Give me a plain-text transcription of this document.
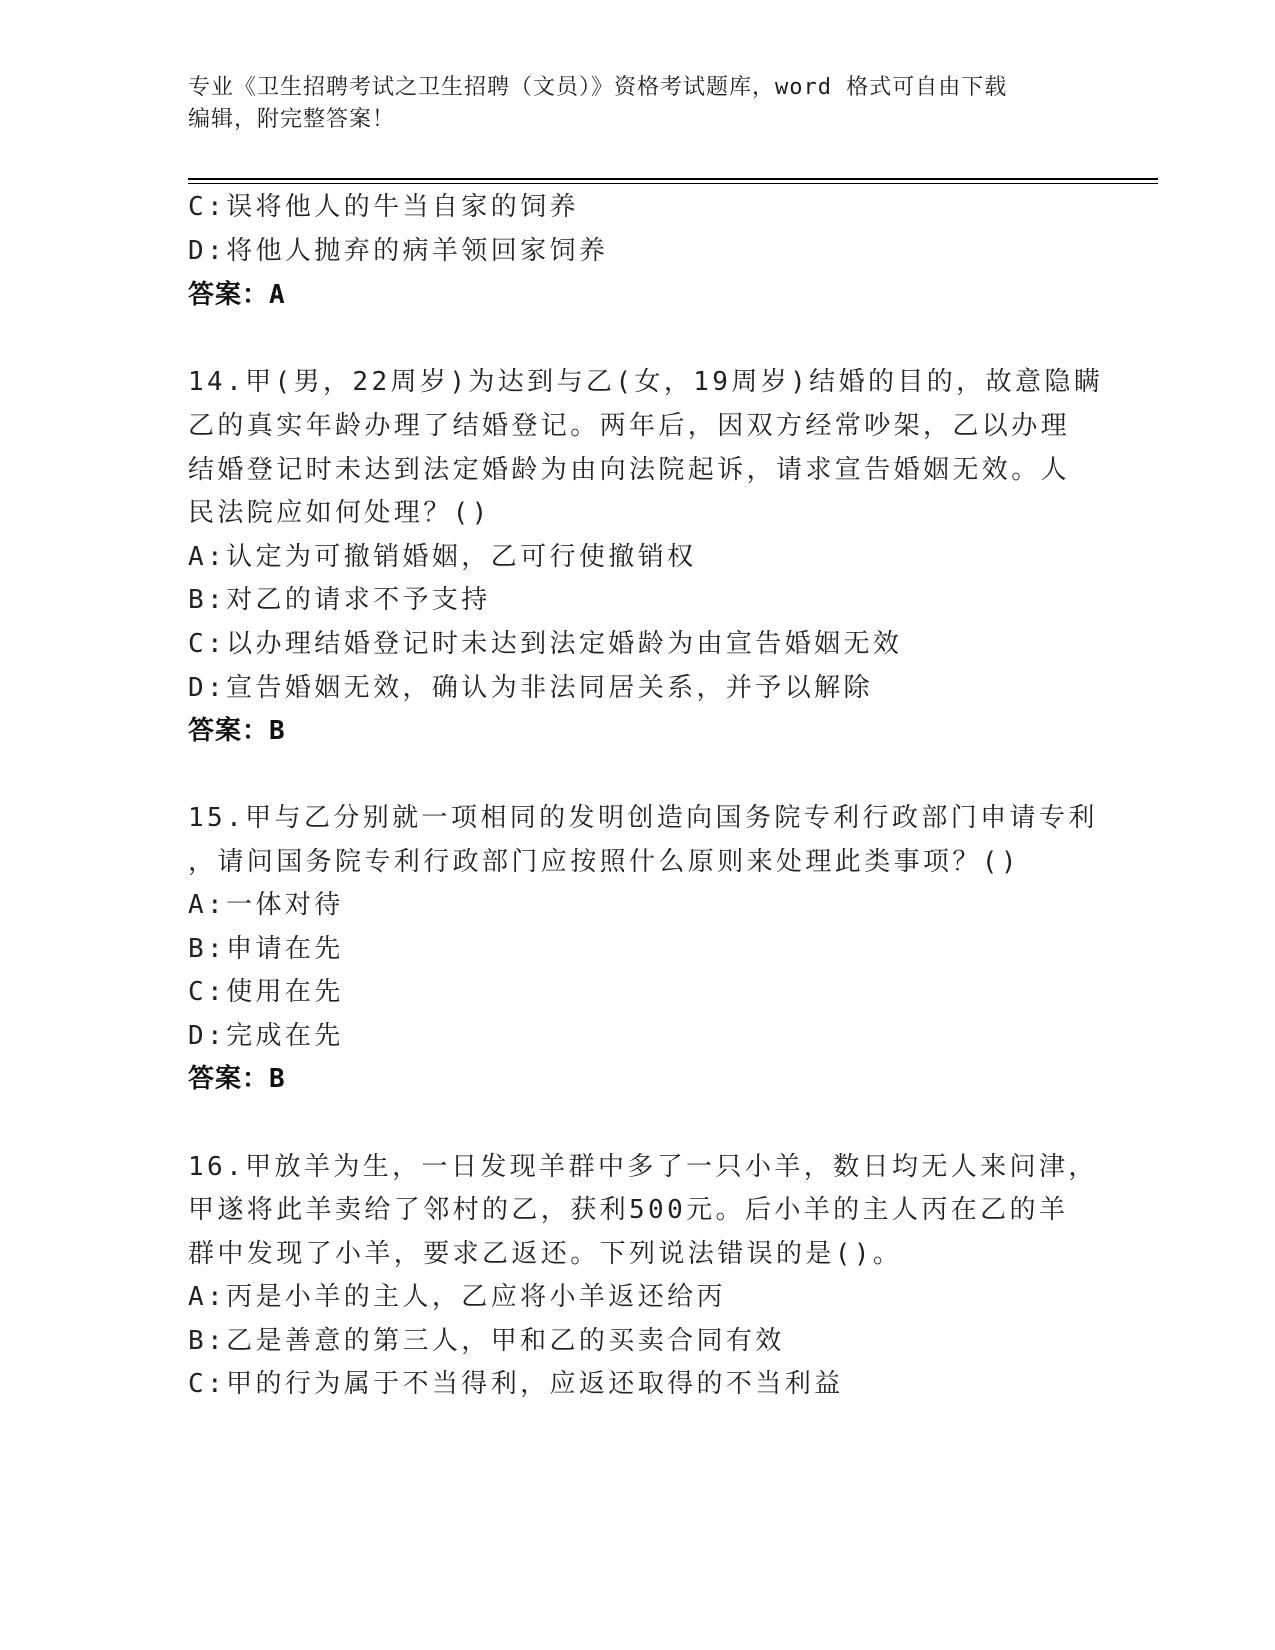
专业《卫生招聘考试之卫生招聘（文员）》资格考试题库，word 格式可自由下载

编辑，附完整答案！

C:误将他人的牛当自家的饲养
D:将他人抛弃的病羊领回家饲养
答案：A
14.甲(男，22周岁)为达到与乙(女，19周岁)结婚的目的，故意隐瞒
乙的真实年龄办理了结婚登记。两年后，因双方经常吵架，乙以办理
结婚登记时未达到法定婚龄为由向法院起诉，请求宣告婚姻无效。人
民法院应如何处理？()
A:认定为可撤销婚姻，乙可行使撤销权
B:对乙的请求不予支持
C:以办理结婚登记时未达到法定婚龄为由宣告婚姻无效
D:宣告婚姻无效，确认为非法同居关系，并予以解除
答案：B
15.甲与乙分别就一项相同的发明创造向国务院专利行政部门申请专利
，请问国务院专利行政部门应按照什么原则来处理此类事项？()
A:一体对待
B:申请在先
C:使用在先
D:完成在先
答案：B
16.甲放羊为生，一日发现羊群中多了一只小羊，数日均无人来问津，
甲遂将此羊卖给了邻村的乙，获利500元。后小羊的主人丙在乙的羊
群中发现了小羊，要求乙返还。下列说法错误的是()。
A:丙是小羊的主人，乙应将小羊返还给丙
B:乙是善意的第三人，甲和乙的买卖合同有效
C:甲的行为属于不当得利，应返还取得的不当利益
